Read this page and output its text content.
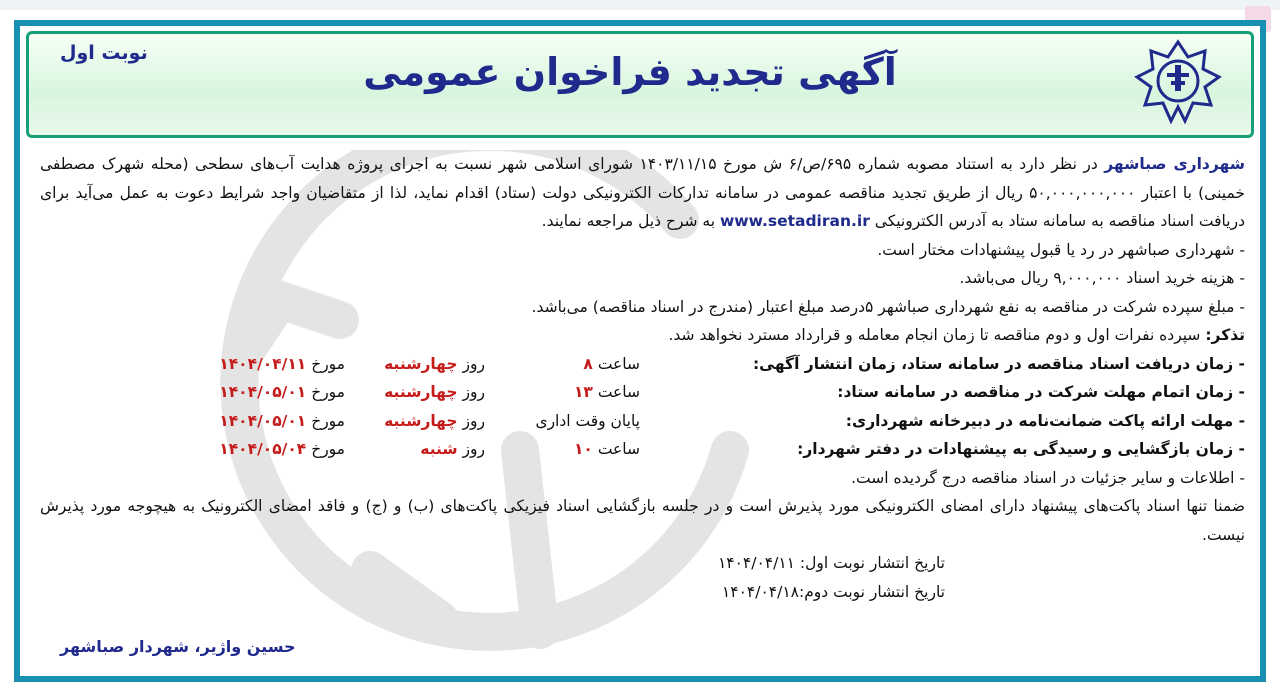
آگهی تجدید فراخوان عمومی
نوبت اول

شهرداری صباشهر در نظر دارد به استناد مصوبه شماره ۶۹۵/ص/۶ ش مورخ ۱۴۰۳/۱۱/۱۵ شورای اسلامی شهر نسبت به اجرای پروژه هدایت آب‌های سطحی (محله شهرک مصطفی خمینی) با اعتبار ۵۰,۰۰۰,۰۰۰,۰۰۰ ریال از طریق تجدید مناقصه عمومی در سامانه تدارکات الکترونیکی دولت (ستاد) اقدام نماید، لذا از متقاضیان واجد شرایط دعوت به عمل می‌آید برای دریافت اسناد مناقصه به سامانه ستاد به آدرس الکترونیکی www.setadiran.ir به شرح ذیل مراجعه نمایند.

- شهرداری صباشهر در رد یا قبول پیشنهادات مختار است.

- هزینه خرید اسناد ۹,۰۰۰,۰۰۰ ریال می‌باشد.

- مبلغ سپرده شرکت در مناقصه به نفع شهرداری صباشهر ۵درصد مبلغ اعتبار (مندرج در اسناد مناقصه) می‌باشد.

تذکر: سپرده نفرات اول و دوم مناقصه تا زمان انجام معامله و قرارداد مسترد نخواهد شد.

- زمان دریافت اسناد مناقصه در سامانه ستاد، زمان انتشار آگهی:
ساعت ۸
روز چهارشنبه
مورخ ۱۴۰۴/۰۴/۱۱
- زمان اتمام مهلت شرکت در مناقصه در سامانه ستاد:
ساعت ۱۳
روز چهارشنبه
مورخ ۱۴۰۴/۰۵/۰۱
- مهلت ارائه پاکت ضمانت‌نامه در دبیرخانه شهرداری:
پایان وقت اداری
روز چهارشنبه
مورخ ۱۴۰۴/۰۵/۰۱
- زمان بازگشایی و رسیدگی به پیشنهادات در دفتر شهردار:
ساعت ۱۰
روز شنبه
مورخ ۱۴۰۴/۰۵/۰۴

- اطلاعات و سایر جزئیات در اسناد مناقصه درج گردیده است.

ضمنا تنها اسناد پاکت‌های پیشنهاد دارای امضای الکترونیکی مورد پذیرش است و در جلسه بازگشایی اسناد فیزیکی پاکت‌های (ب) و (ج) و فاقد امضای الکترونیک به هیچوجه مورد پذیرش نیست.

تاریخ انتشار نوبت اول: ۱۴۰۴/۰۴/۱۱

تاریخ انتشار نوبت دوم:۱۴۰۴/۰۴/۱۸

حسین واژیر، شهردار صباشهر
